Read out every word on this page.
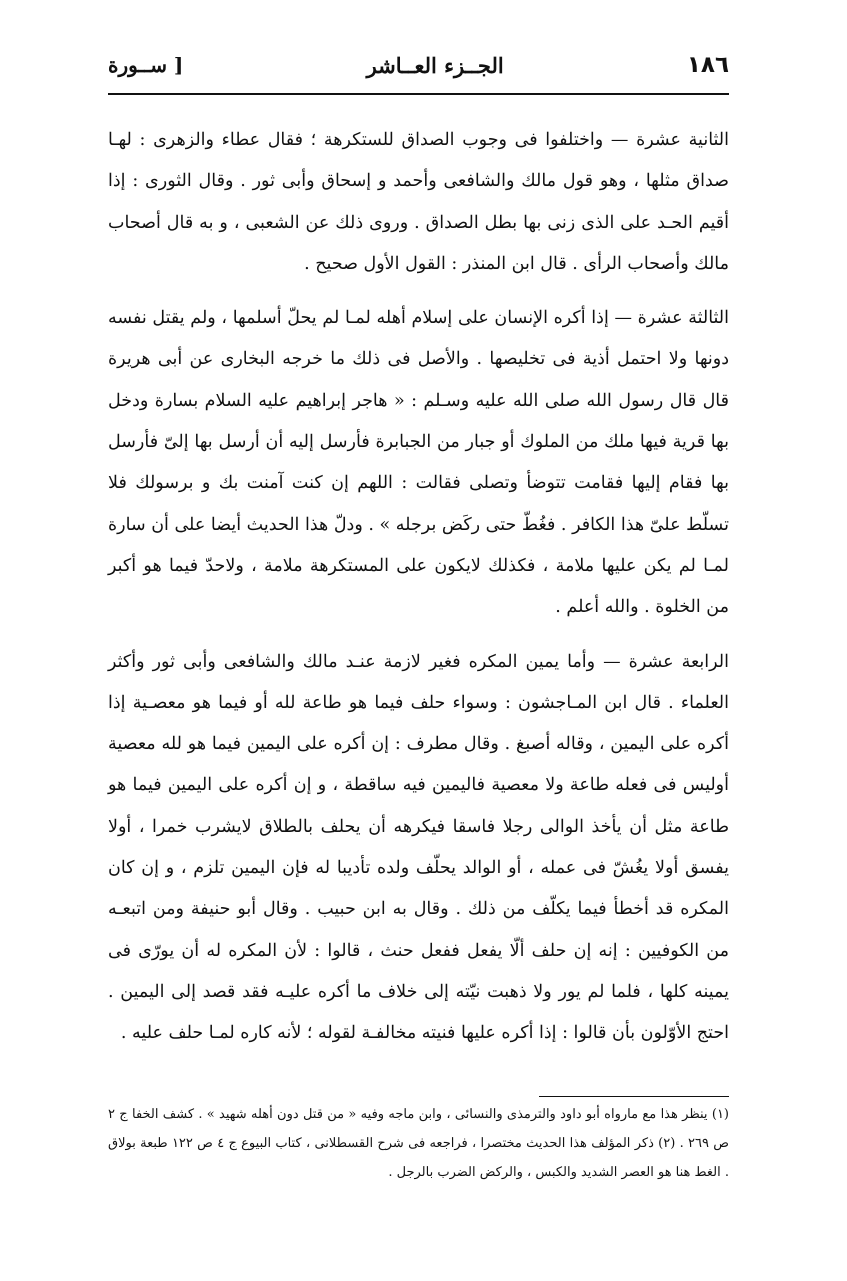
١٨٦
الجــزء العــاشر
[ ســورة

الثانية عشرة — واختلفوا فى وجوب الصداق للستكرهة ؛ فقال عطاء والزهرى : لهـا صداق مثلها ، وهو قول مالك والشافعى وأحمد و إسحاق وأبى ثور . وقال الثورى : إذا أقيم الحـد على الذى زنى بها بطل الصداق . وروى ذلك عن الشعبى ، و به قال أصحاب مالك وأصحاب الرأى . قال ابن المنذر : القول الأول صحيح .

الثالثة عشرة — إذا أكره الإنسان على إسلام أهله لمـا لم يحلّ أسلمها ، ولم يقتل نفسه دونها ولا احتمل أذية فى تخليصها . والأصل فى ذلك ما خرجه البخارى عن أبى هريرة قال قال رسول الله صلى الله عليه وسـلم : « هاجر إبراهيم عليه السلام بسارة ودخل بها قرية فيها ملك من الملوك أو جبار من الجبابرة فأرسل إليه أن أرسل بها إلىّ فأرسل بها فقام إليها فقامت تتوضأ وتصلى فقالت : اللهم إن كنت آمنت بك و برسولك فلا تسلّط علىّ هذا الكافر . فغُطّ حتى ركَض برجله » . ودلّ هذا الحديث أيضا على أن سارة لمـا لم يكن عليها ملامة ، فكذلك لايكون على المستكرهة ملامة ، ولاحدّ فيما هو أكبر من الخلوة . والله أعلم .

الرابعة عشرة — وأما يمين المكره فغير لازمة عنـد مالك والشافعى وأبى ثور وأكثر العلماء . قال ابن المـاجشون : وسواء حلف فيما هو طاعة لله أو فيما هو معصـية إذا أكره على اليمين ، وقاله أصبغ . وقال مطرف : إن أكره على اليمين فيما هو لله معصية أوليس فى فعله طاعة ولا معصية فاليمين فيه ساقطة ، و إن أكره على اليمين فيما هو طاعة مثل أن يأخذ الوالى رجلا فاسقا فيكرهه أن يحلف بالطلاق لايشرب خمرا ، أولا يفسق أولا يغُشّ فى عمله ، أو الوالد يحلّف ولده تأديبا له فإن اليمين تلزم ، و إن كان المكره قد أخطأ فيما يكلّف من ذلك . وقال به ابن حبيب . وقال أبو حنيفة ومن اتبعـه من الكوفيين : إنه إن حلف ألّا يفعل ففعل حنث ، قالوا : لأن المكره له أن يورّى فى يمينه كلها ، فلما لم يور ولا ذهبت نيّته إلى خلاف ما أكره عليـه فقد قصد إلى اليمين . احتج الأوّلون بأن قالوا : إذا أكره عليها فنيته مخالفـة لقوله ؛ لأنه كاره لمـا حلف عليه .

(١) ينظر هذا مع مارواه أبو داود والترمذى والنسائى ، وابن ماجه وفيه « من قتل دون أهله شهيد » . كشف الخفا ج ٢ ص ٢٦٩ . (٢) ذكر المؤلف هذا الحديث مختصرا ، فراجعه فى شرح القسطلانى ، كتاب البيوع ج ٤ ص ١٢٢ طبعة بولاق . الغط هنا هو العصر الشديد والكبس ، والركض الضرب بالرجل .
